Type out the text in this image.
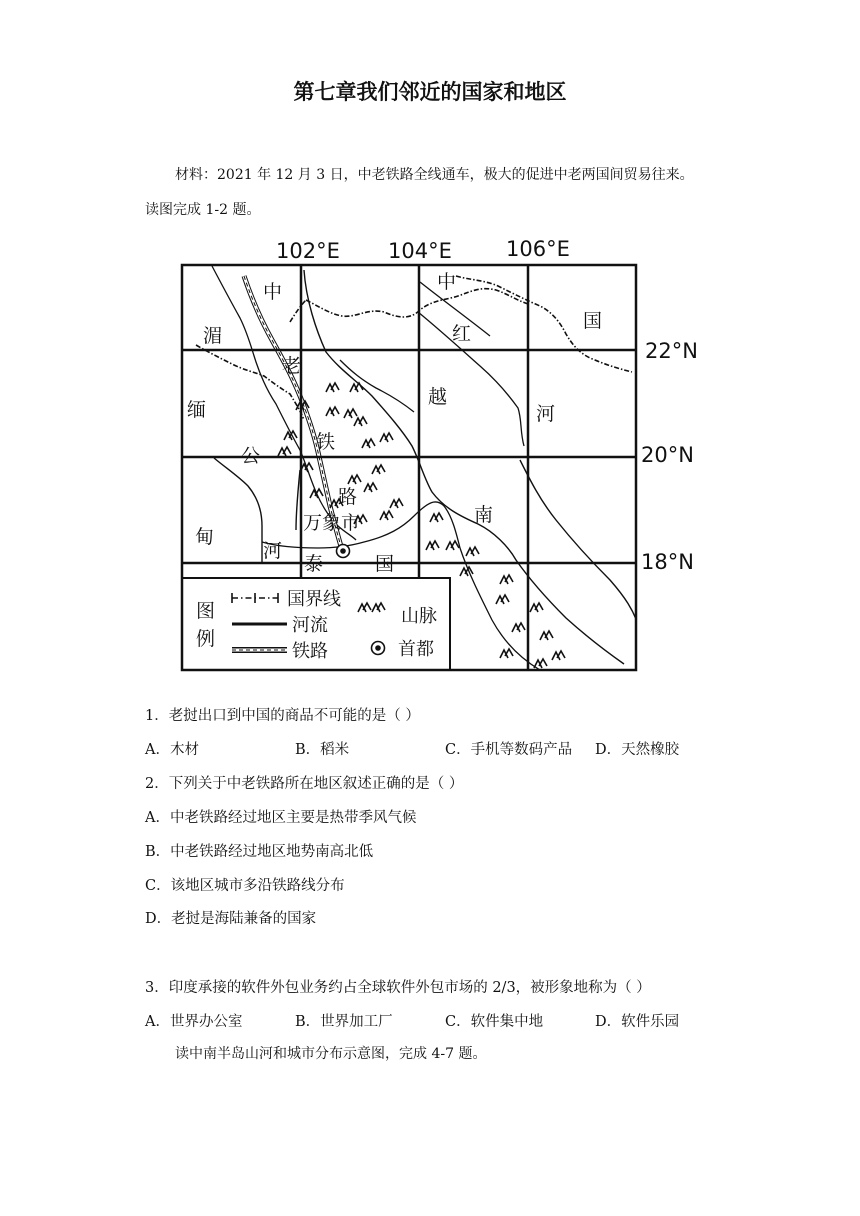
第七章我们邻近的国家和地区
材料：2021 年 12 月 3 日，中老铁路全线通车，极大的促进中老两国间贸易往来。
读图完成 1-2 题。
102°E 104°E	106°E
22°N
20°N
18°N
中	中
国
红
湄
老
越
河
缅
铁
公
路
南
万象市
甸
河
泰	国
图
例
国界线
山脉
河流
首都
铁路
1．老挝出口到中国的商品不可能的是（ ）
A．木材	B．稻米	C．手机等数码产品 D．天然橡胶
2．下列关于中老铁路所在地区叙述正确的是（ ）
A．中老铁路经过地区主要是热带季风气候
B．中老铁路经过地区地势南高北低
C．该地区城市多沿铁路线分布
D．老挝是海陆兼备的国家
3．印度承接的软件外包业务约占全球软件外包市场的 2/3，被形象地称为（ ）
A．世界办公室	B．世界加工厂	C．软件集中地	D．软件乐园
读中南半岛山河和城市分布示意图，完成 4-7 题。
